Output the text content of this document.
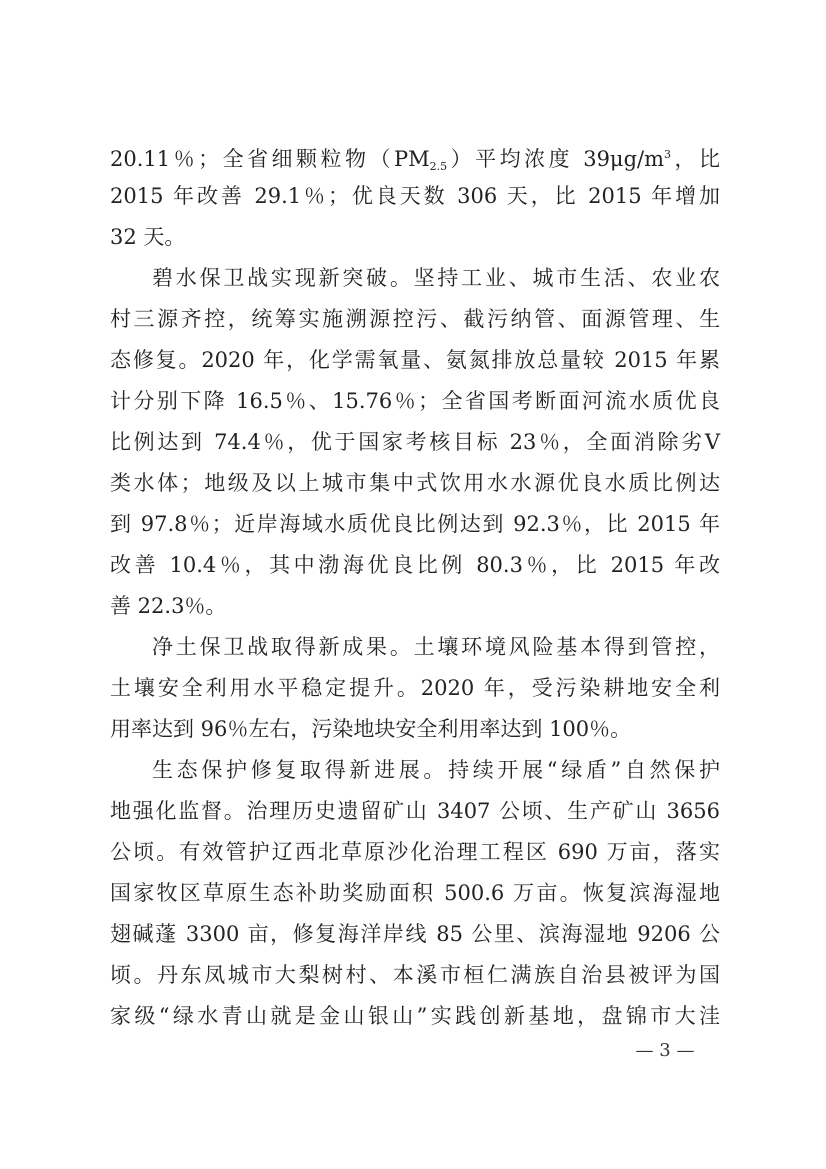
20.11％；全省细颗粒物$(PM_{2.5})$平均浓度 $39\mu g/m^3$，比
2015 年改善 29.1％；优良天数 306 天，比 2015 年增加
32 天。
碧水保卫战实现新突破。坚持工业、城市生活、农业农
村三源齐控，统筹实施溯源控污、截污纳管、面源管理、生
态修复。2020 年，化学需氧量、氨氮排放总量较 2015 年累
计分别下降 16.5％、15.76％；全省国考断面河流水质优良
比例达到 74.4％，优于国家考核目标 23％，全面消除劣Ⅴ
类水体；地级及以上城市集中式饮用水水源优良水质比例达
到 97.8％；近岸海域水质优良比例达到 92.3％，比 2015 年
改善 10.4％，其中渤海优良比例 80.3％，比 2015 年改
善 22.3％。
净土保卫战取得新成果。土壤环境风险基本得到管控，
土壤安全利用水平稳定提升。2020 年，受污染耕地安全利
用率达到 96％左右，污染地块安全利用率达到 100％。
生态保护修复取得新进展。持续开展“绿盾”自然保护
地强化监督。治理历史遗留矿山 3407 公顷、生产矿山 3656
公顷。有效管护辽西北草原沙化治理工程区 690 万亩，落实
国家牧区草原生态补助奖励面积 500.6 万亩。恢复滨海湿地
翅碱蓬 3300 亩，修复海洋岸线 85 公里、滨海湿地 9206 公
顷。丹东凤城市大梨树村、本溪市桓仁满族自治县被评为国
家级“绿水青山就是金山银山”实践创新基地，盘锦市大洼
— 3 —
